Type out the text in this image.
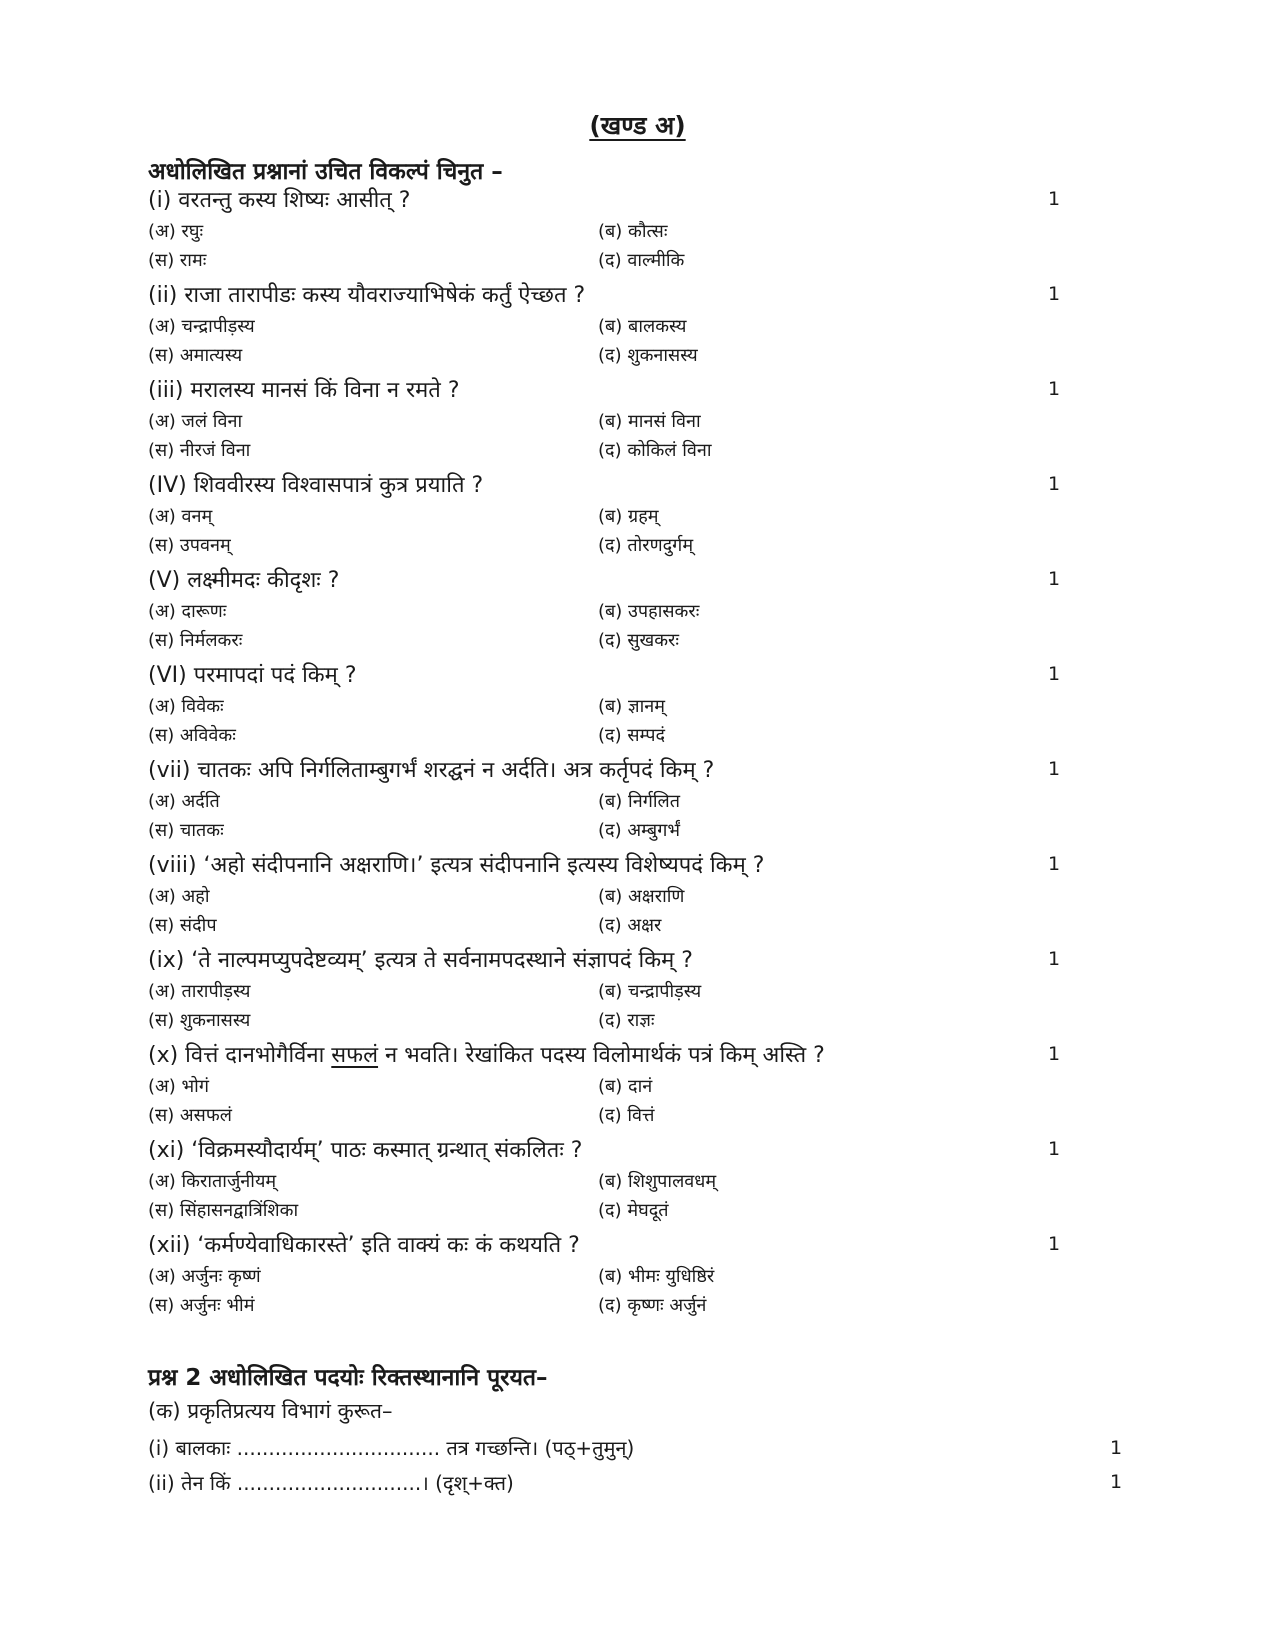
(खण्ड अ)
अधोलिखित प्रश्नानां उचित विकल्पं चिनुत –
(i) वरतन्तु कस्य शिष्यः आसीत् ?	1
(अ) रघुः	(ब) कौत्सः
(स) रामः	(द) वाल्मीकि
(ii) राजा तारापीडः कस्य यौवराज्याभिषेकं कर्तुं ऐच्छत ?	1
(अ) चन्द्रापीड़स्य	(ब) बालकस्य
(स) अमात्यस्य	(द) शुकनासस्य
(iii) मरालस्य मानसं किं विना न रमते ?	1
(अ) जलं विना	(ब) मानसं विना
(स) नीरजं विना	(द) कोकिलं विना
(IV) शिववीरस्य विश्वासपात्रं कुत्र प्रयाति ?	1
(अ) वनम्	(ब) ग्रहम्
(स) उपवनम्	(द) तोरणदुर्गम्
(V) लक्ष्मीमदः कीदृशः ?	1
(अ) दारूणः	(ब) उपहासकरः
(स) निर्मलकरः	(द) सुखकरः
(VI) परमापदां पदं किम् ?	1
(अ) विवेकः	(ब) ज्ञानम्
(स) अविवेकः	(द) सम्पदं
(vii) चातकः अपि निर्गलिताम्बुगर्भं शरद्घनं न अर्दति। अत्र कर्तृपदं किम् ?	1
(अ) अर्दति	(ब) निर्गलित
(स) चातकः	(द) अम्बुगर्भं
(viii) ‘अहो संदीपनानि अक्षराणि।’ इत्यत्र संदीपनानि इत्यस्य विशेष्यपदं किम् ?	1
(अ) अहो	(ब) अक्षराणि
(स) संदीप	(द) अक्षर
(ix) ‘ते नाल्पमप्युपदेष्टव्यम्’ इत्यत्र ते सर्वनामपदस्थाने संज्ञापदं किम् ?	1
(अ) तारापीड़स्य	(ब) चन्द्रापीड़स्य
(स) शुकनासस्य	(द) राज्ञः
(x) वित्तं दानभोगैर्विना सफलं न भवति। रेखांकित पदस्य विलोमार्थकं पत्रं किम् अस्ति ?	1
(अ) भोगं	(ब) दानं
(स) असफलं	(द) वित्तं
(xi) ‘विक्रमस्यौदार्यम्’ पाठः कस्मात् ग्रन्थात् संकलितः ?	1
(अ) किरातार्जुनीयम्	(ब) शिशुपालवधम्
(स) सिंहासनद्वात्रिंशिका	(द) मेघदूतं
(xii) ‘कर्मण्येवाधिकारस्ते’ इति वाक्यं कः कं कथयति ?	1
(अ) अर्जुनः कृष्णं	(ब) भीमः युधिष्ठिरं
(स) अर्जुनः भीमं	(द) कृष्णः अर्जुनं
प्रश्न 2 अधोलिखित पदयोः रिक्तस्थानानि पूरयत–
(क) प्रकृतिप्रत्यय विभागं कुरूत–
(i) बालकाः ................................ तत्र गच्छन्ति। (पठ्+तुमुन्)	1
(ii) तेन किं .............................। (दृश्+क्त)	1
